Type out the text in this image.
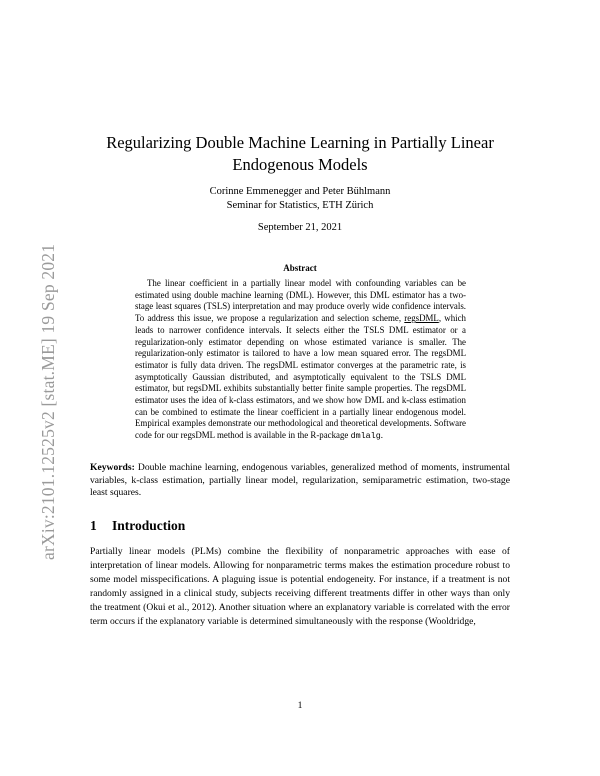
arXiv:2101.12525v2 [stat.ME] 19 Sep 2021
Regularizing Double Machine Learning in Partially Linear Endogenous Models
Corinne Emmenegger and Peter Bühlmann
Seminar for Statistics, ETH Zürich
September 21, 2021
Abstract
The linear coefficient in a partially linear model with confounding variables can be estimated using double machine learning (DML). However, this DML estimator has a two-stage least squares (TSLS) interpretation and may produce overly wide confidence intervals. To address this issue, we propose a regularization and selection scheme, regsDML, which leads to narrower confidence intervals. It selects either the TSLS DML estimator or a regularization-only estimator depending on whose estimated variance is smaller. The regularization-only estimator is tailored to have a low mean squared error. The regsDML estimator is fully data driven. The regsDML estimator converges at the parametric rate, is asymptotically Gaussian distributed, and asymptotically equivalent to the TSLS DML estimator, but regsDML exhibits substantially better finite sample properties. The regsDML estimator uses the idea of k-class estimators, and we show how DML and k-class estimation can be combined to estimate the linear coefficient in a partially linear endogenous model. Empirical examples demonstrate our methodological and theoretical developments. Software code for our regsDML method is available in the R-package dmlalg.
Keywords: Double machine learning, endogenous variables, generalized method of moments, instrumental variables, k-class estimation, partially linear model, regularization, semiparametric estimation, two-stage least squares.
1 Introduction
Partially linear models (PLMs) combine the flexibility of nonparametric approaches with ease of interpretation of linear models. Allowing for nonparametric terms makes the estimation procedure robust to some model misspecifications. A plaguing issue is potential endogeneity. For instance, if a treatment is not randomly assigned in a clinical study, subjects receiving different treatments differ in other ways than only the treatment (Okui et al., 2012). Another situation where an explanatory variable is correlated with the error term occurs if the explanatory variable is determined simultaneously with the response (Wooldridge,
1
